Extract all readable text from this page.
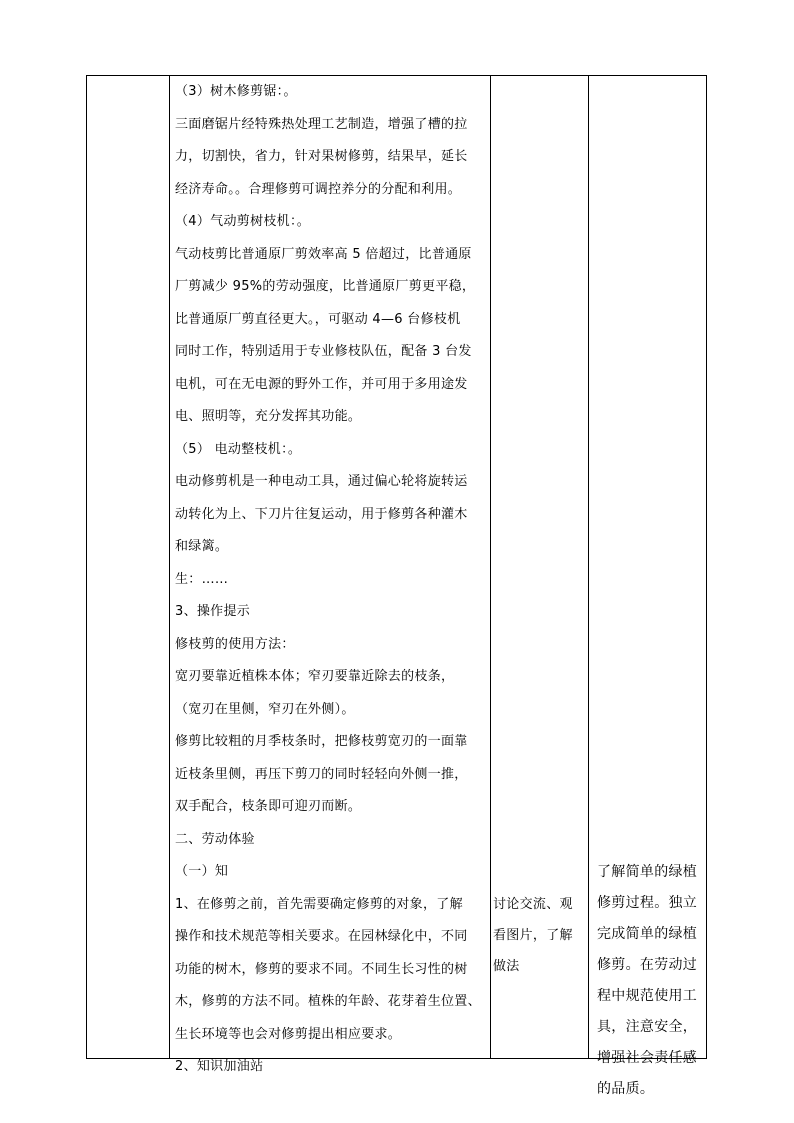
（3）树木修剪锯：。
三面磨锯片经特殊热处理工艺制造，增强了槽的拉
力，切割快，省力，针对果树修剪，结果早，延长
经济寿命。。合理修剪可调控养分的分配和利用。
（4）气动剪树枝机：。
气动枝剪比普通原厂剪效率高 5 倍超过，比普通原
厂剪减少 95%的劳动强度，比普通原厂剪更平稳，
比普通原厂剪直径更大。，可驱动 4—6 台修枝机
同时工作，特别适用于专业修枝队伍，配备 3 台发
电机，可在无电源的野外工作，并可用于多用途发
电、照明等，充分发挥其功能。
（5） 电动整枝机：。
电动修剪机是一种电动工具，通过偏心轮将旋转运
动转化为上、下刀片往复运动，用于修剪各种灌木
和绿篱。
生：……
3、操作提示
修枝剪的使用方法：
宽刃要靠近植株本体；窄刃要靠近除去的枝条，
（宽刃在里侧，窄刃在外侧）。
修剪比较粗的月季枝条时，把修枝剪宽刃的一面靠
近枝条里侧，再压下剪刀的同时轻轻向外侧一推，
双手配合，枝条即可迎刃而断。
二、劳动体验
（一）知
1、在修剪之前，首先需要确定修剪的对象，了解
操作和技术规范等相关要求。在园林绿化中，不同
功能的树木，修剪的要求不同。不同生长习性的树
木，修剪的方法不同。植株的年龄、花芽着生位置、
生长环境等也会对修剪提出相应要求。
2、知识加油站
讨论交流、观
看图片，了解
做法
了解简单的绿植
修剪过程。独立
完成简单的绿植
修剪。在劳动过
程中规范使用工
具，注意安全，
增强社会责任感
的品质。
